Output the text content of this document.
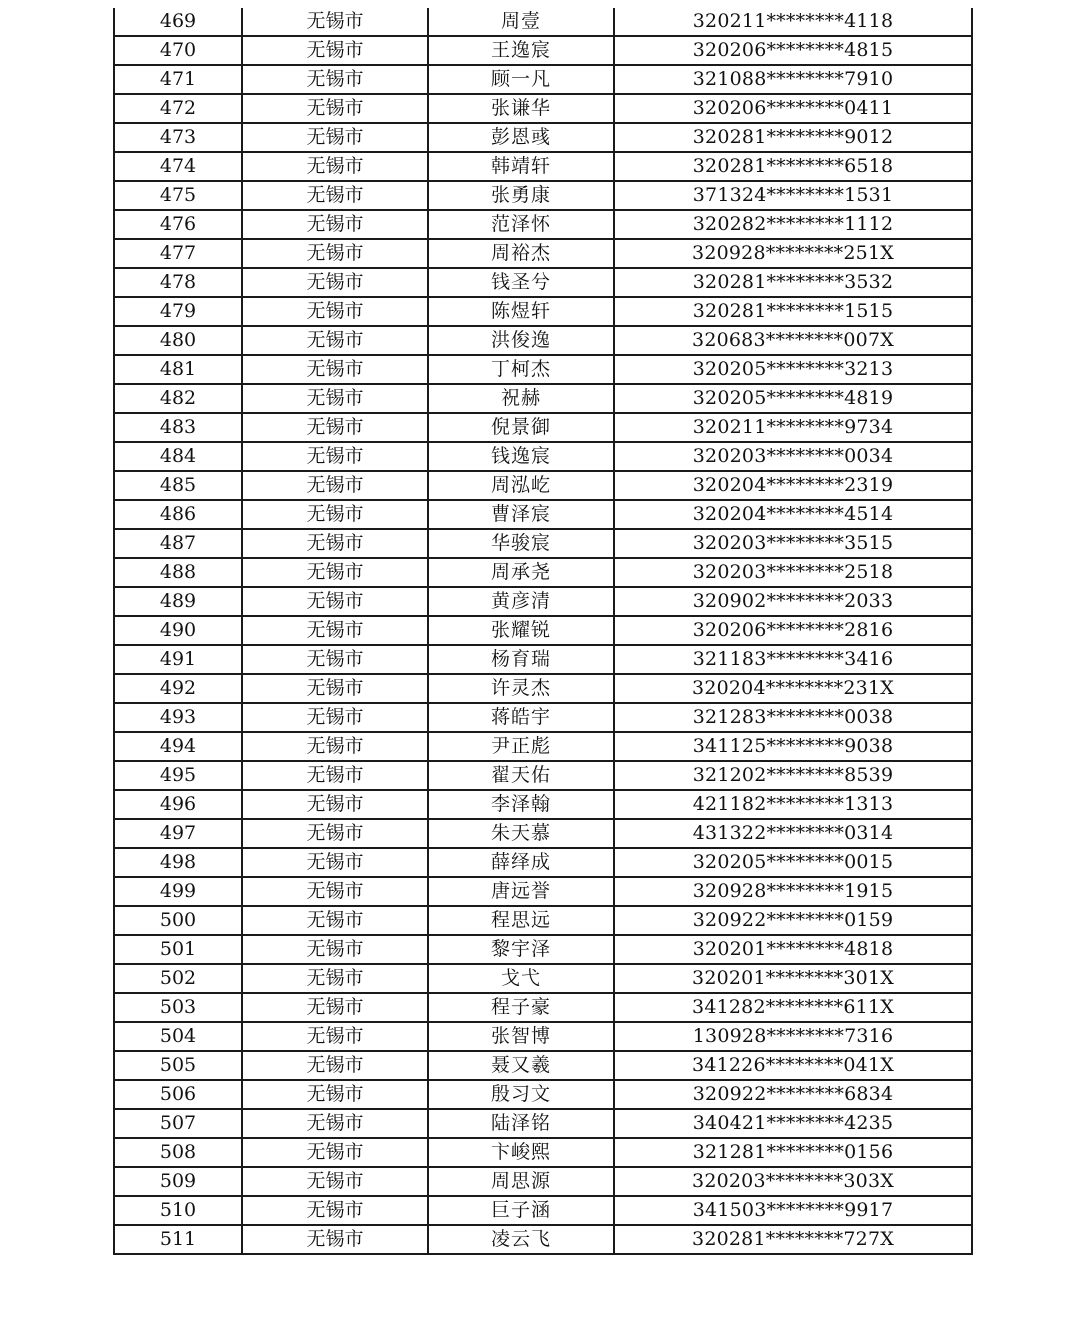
469	无锡市	周壹	320211********4118
470	无锡市	王逸宸	320206********4815
471	无锡市	顾一凡	321088********7910
472	无锡市	张谦华	320206********0411
473	无锡市	彭恩彧	320281********9012
474	无锡市	韩靖轩	320281********6518
475	无锡市	张勇康	371324********1531
476	无锡市	范泽怀	320282********1112
477	无锡市	周裕杰	320928********251X
478	无锡市	钱圣兮	320281********3532
479	无锡市	陈煜轩	320281********1515
480	无锡市	洪俊逸	320683********007X
481	无锡市	丁柯杰	320205********3213
482	无锡市	祝赫	320205********4819
483	无锡市	倪景御	320211********9734
484	无锡市	钱逸宸	320203********0034
485	无锡市	周泓屹	320204********2319
486	无锡市	曹泽宸	320204********4514
487	无锡市	华骏宸	320203********3515
488	无锡市	周承尧	320203********2518
489	无锡市	黄彦清	320902********2033
490	无锡市	张耀锐	320206********2816
491	无锡市	杨育瑞	321183********3416
492	无锡市	许灵杰	320204********231X
493	无锡市	蒋皓宇	321283********0038
494	无锡市	尹正彪	341125********9038
495	无锡市	翟天佑	321202********8539
496	无锡市	李泽翰	421182********1313
497	无锡市	朱天慕	431322********0314
498	无锡市	薛绎成	320205********0015
499	无锡市	唐远誉	320928********1915
500	无锡市	程思远	320922********0159
501	无锡市	黎宇泽	320201********4818
502	无锡市	戈弋	320201********301X
503	无锡市	程子豪	341282********611X
504	无锡市	张智博	130928********7316
505	无锡市	聂又羲	341226********041X
506	无锡市	殷习文	320922********6834
507	无锡市	陆泽铭	340421********4235
508	无锡市	卞峻熙	321281********0156
509	无锡市	周思源	320203********303X
510	无锡市	巨子涵	341503********9917
511	无锡市	凌云飞	320281********727X
